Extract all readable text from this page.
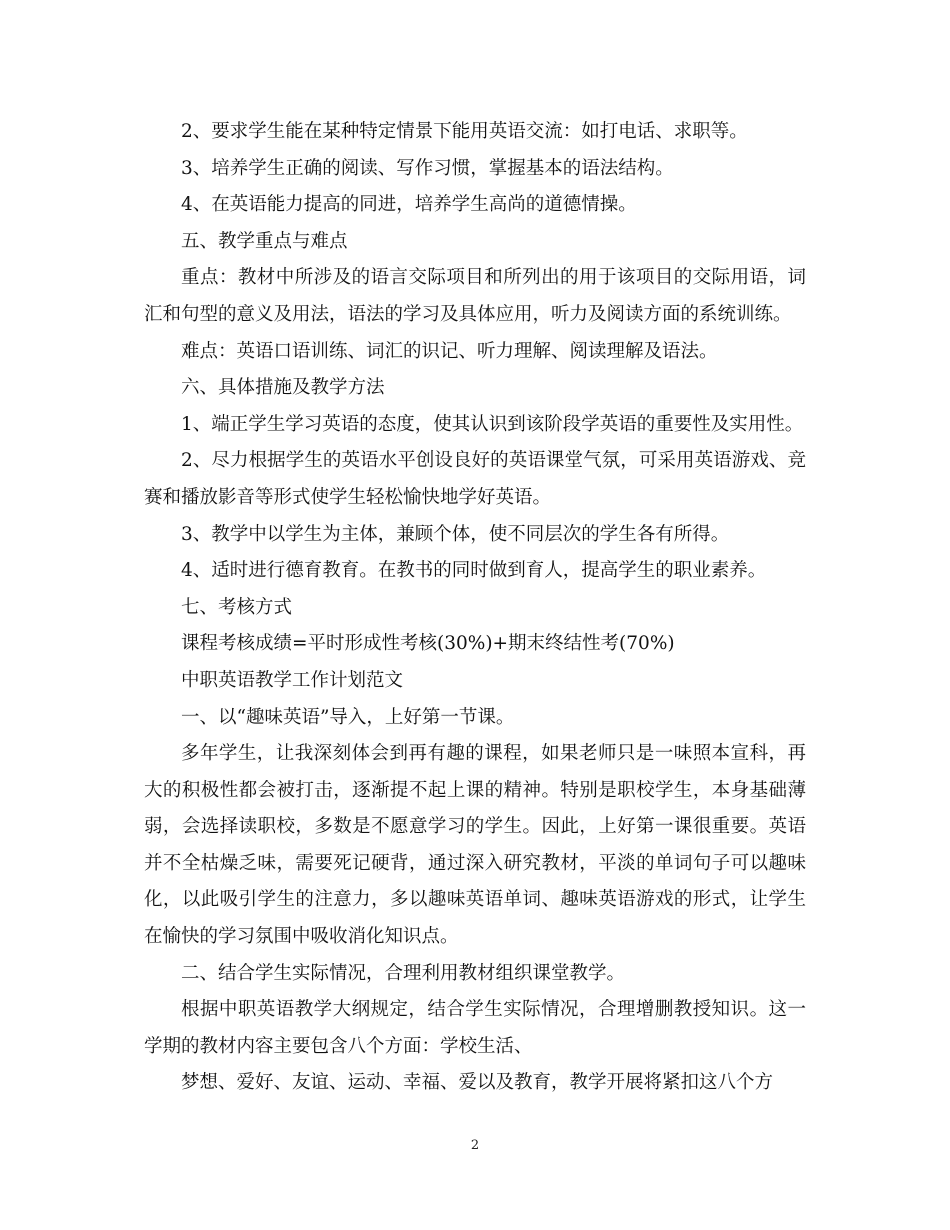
2、要求学生能在某种特定情景下能用英语交流：如打电话、求职等。

3、培养学生正确的阅读、写作习惯，掌握基本的语法结构。

4、在英语能力提高的同进，培养学生高尚的道德情操。

五、教学重点与难点

重点：教材中所涉及的语言交际项目和所列出的用于该项目的交际用语，词汇和句型的意义及用法，语法的学习及具体应用，听力及阅读方面的系统训练。

难点：英语口语训练、词汇的识记、听力理解、阅读理解及语法。

六、具体措施及教学方法

1、端正学生学习英语的态度，使其认识到该阶段学英语的重要性及实用性。

2、尽力根据学生的英语水平创设良好的英语课堂气氛，可采用英语游戏、竞赛和播放影音等形式使学生轻松愉快地学好英语。

3、教学中以学生为主体，兼顾个体，使不同层次的学生各有所得。

4、适时进行德育教育。在教书的同时做到育人，提高学生的职业素养。

七、考核方式

课程考核成绩=平时形成性考核(30%)+期末终结性考(70%)

中职英语教学工作计划范文

一、以“趣味英语”导入，上好第一节课。

多年学生，让我深刻体会到再有趣的课程，如果老师只是一味照本宣科，再大的积极性都会被打击，逐渐提不起上课的精神。特别是职校学生，本身基础薄弱，会选择读职校，多数是不愿意学习的学生。因此，上好第一课很重要。英语并不全枯燥乏味，需要死记硬背，通过深入研究教材，平淡的单词句子可以趣味化，以此吸引学生的注意力，多以趣味英语单词、趣味英语游戏的形式，让学生在愉快的学习氛围中吸收消化知识点。

二、结合学生实际情况，合理利用教材组织课堂教学。

根据中职英语教学大纲规定，结合学生实际情况，合理增删教授知识。这一学期的教材内容主要包含八个方面：学校生活、

梦想、爱好、友谊、运动、幸福、爱以及教育，教学开展将紧扣这八个方

2
